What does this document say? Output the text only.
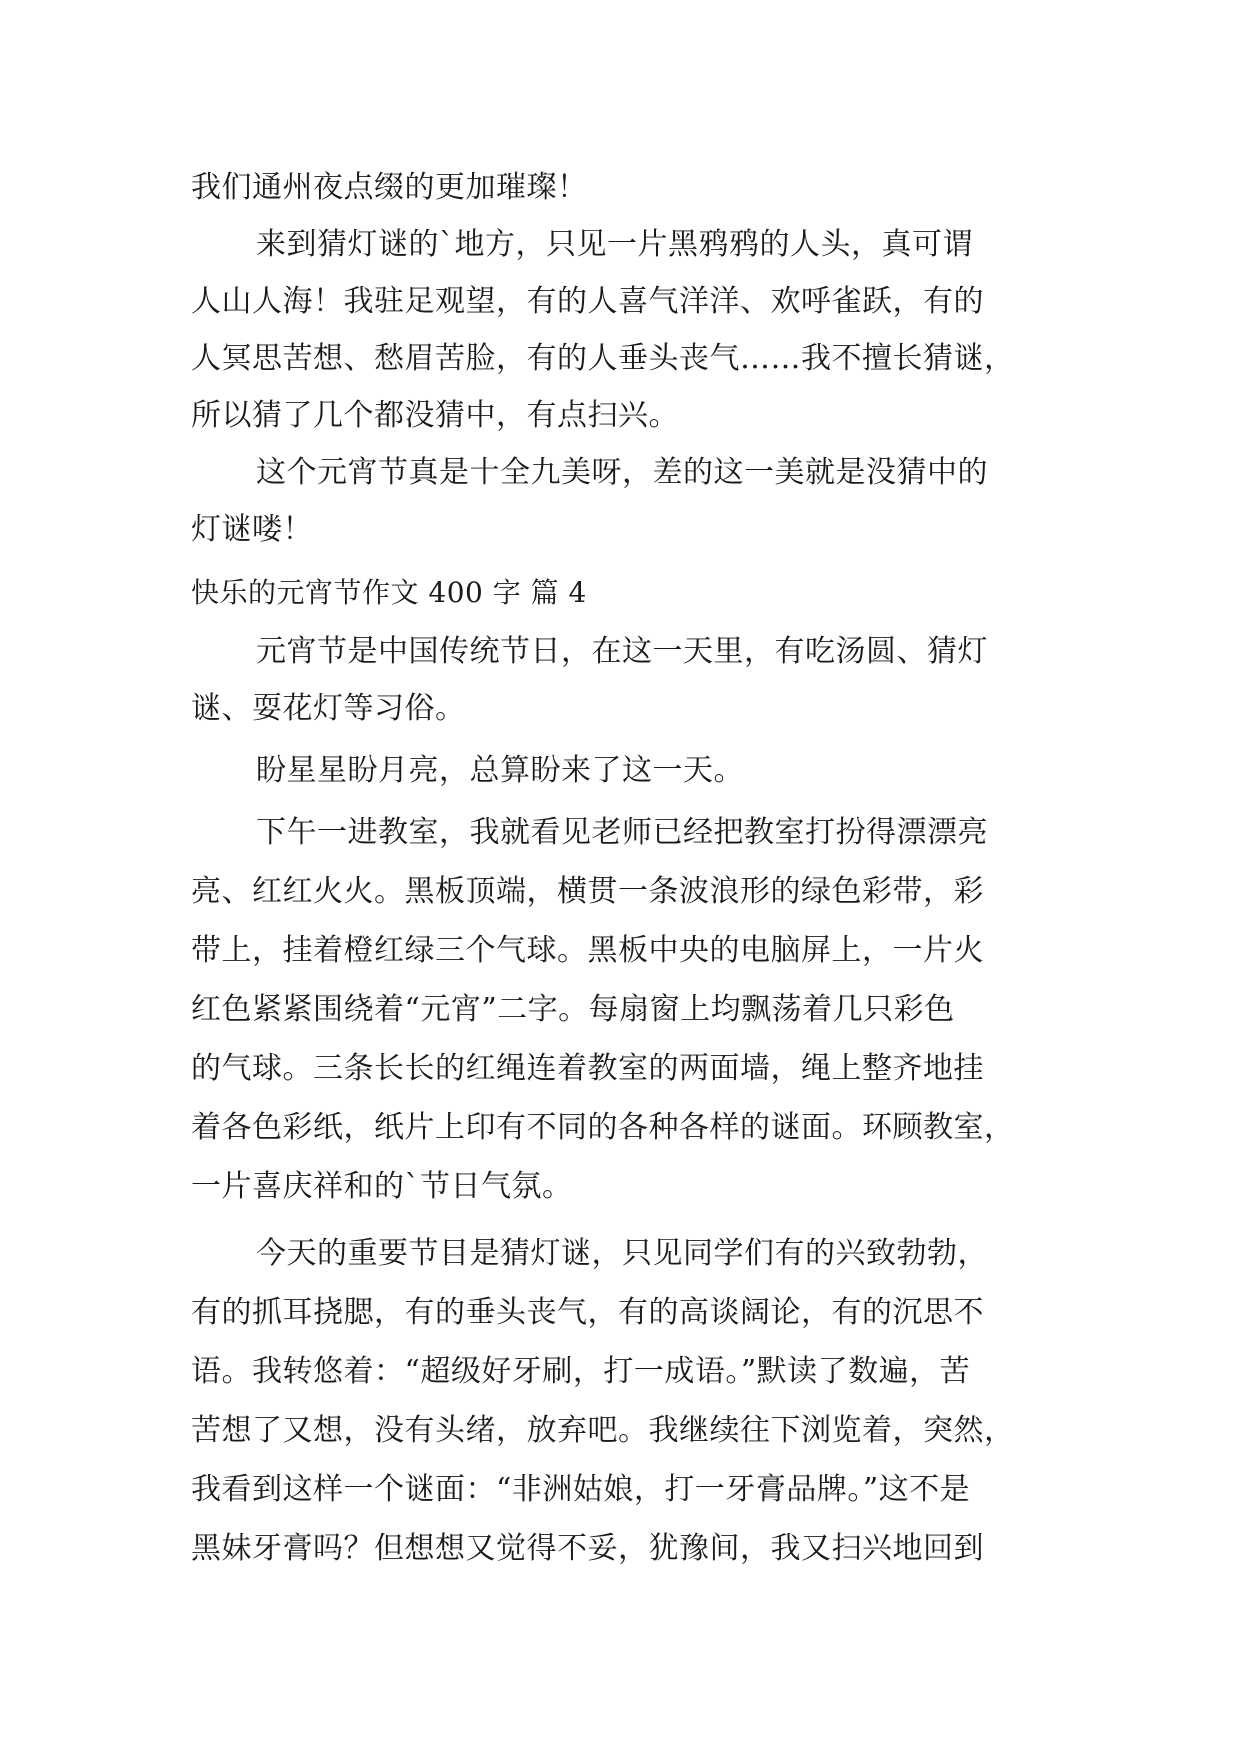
我们通州夜点缀的更加璀璨！
来到猜灯谜的`地方，只见一片黑鸦鸦的人头，真可谓
人山人海！我驻足观望，有的人喜气洋洋、欢呼雀跃，有的
人冥思苦想、愁眉苦脸，有的人垂头丧气……我不擅长猜谜，
所以猜了几个都没猜中，有点扫兴。
这个元宵节真是十全九美呀，差的这一美就是没猜中的
灯谜喽！
快乐的元宵节作文 400 字 篇 4
元宵节是中国传统节日，在这一天里，有吃汤圆、猜灯
谜、耍花灯等习俗。
盼星星盼月亮，总算盼来了这一天。
下午一进教室，我就看见老师已经把教室打扮得漂漂亮
亮、红红火火。黑板顶端，横贯一条波浪形的绿色彩带，彩
带上，挂着橙红绿三个气球。黑板中央的电脑屏上，一片火
红色紧紧围绕着“元宵”二字。每扇窗上均飘荡着几只彩色
的气球。三条长长的红绳连着教室的两面墙，绳上整齐地挂
着各色彩纸，纸片上印有不同的各种各样的谜面。环顾教室，
一片喜庆祥和的`节日气氛。
今天的重要节目是猜灯谜，只见同学们有的兴致勃勃，
有的抓耳挠腮，有的垂头丧气，有的高谈阔论，有的沉思不
语。我转悠着：“超级好牙刷，打一成语。”默读了数遍，苦
苦想了又想，没有头绪，放弃吧。我继续往下浏览着，突然，
我看到这样一个谜面：“非洲姑娘，打一牙膏品牌。”这不是
黑妹牙膏吗？但想想又觉得不妥，犹豫间，我又扫兴地回到
